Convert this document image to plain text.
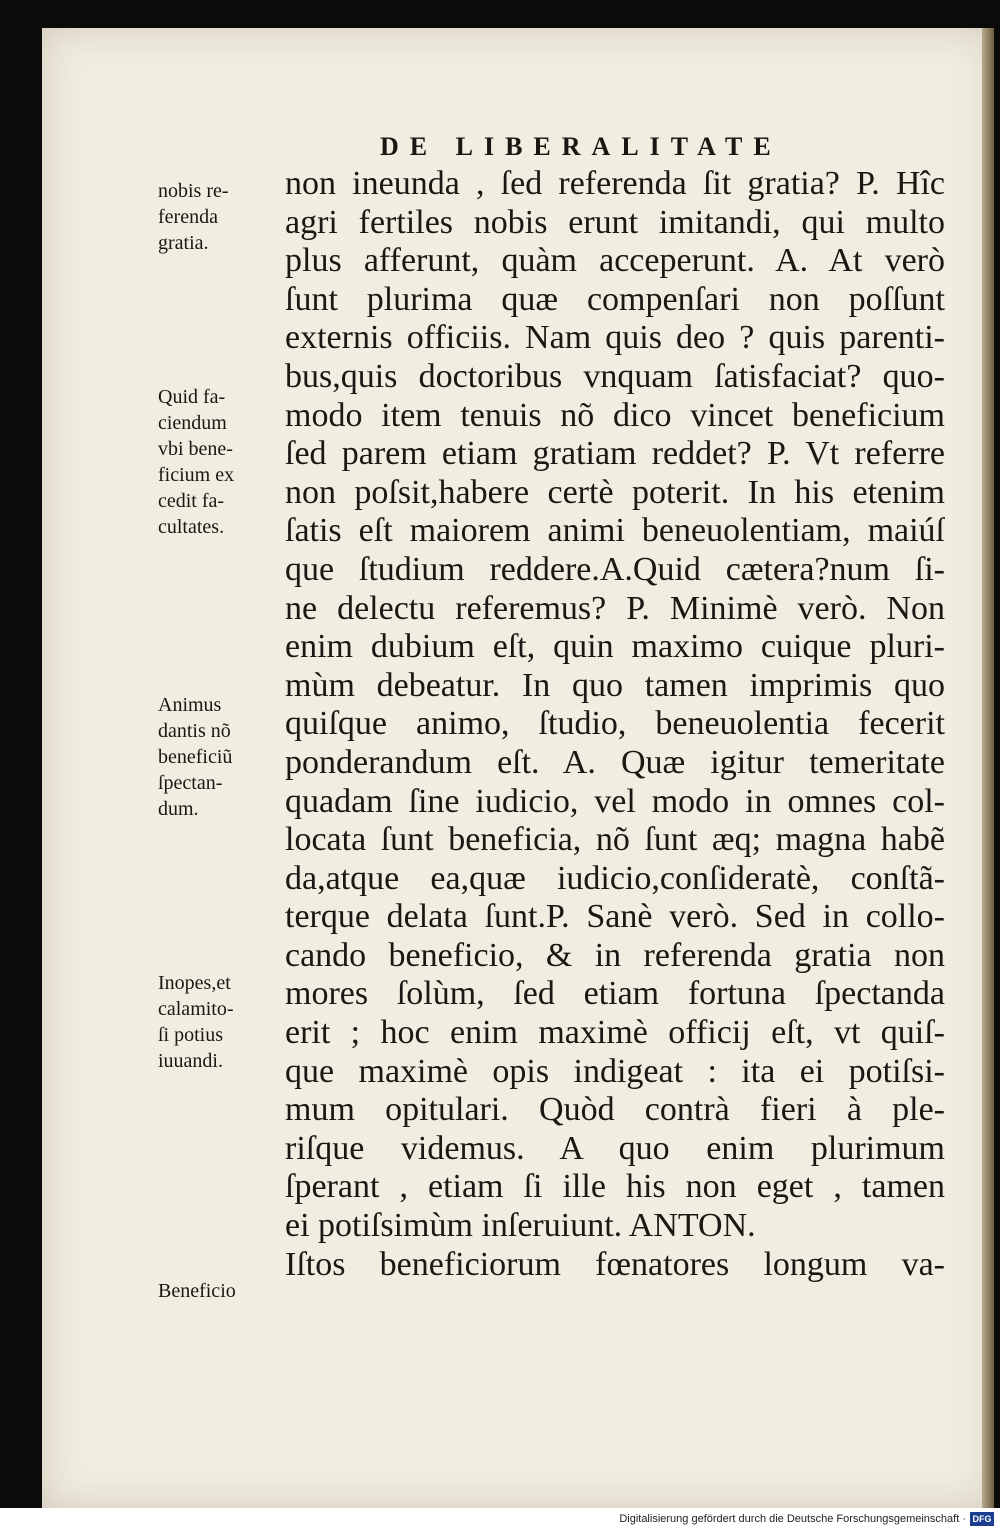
DE LIBERALITATE
non ineunda , ſed referenda ſit gratia? P. Hîc
agri fertiles nobis erunt imitandi, qui multo
plus afferunt, quàm acceperunt. A. At verò
ſunt plurima quæ compenſari non poſſunt
externis officiis. Nam quis deo ? quis parenti-
bus,quis doctoribus vnquam ſatisfaciat? quo-
modo item tenuis nõ dico vincet beneficium
ſed parem etiam gratiam reddet? P. Vt referre
non poſsit,habere certè poterit. In his etenim
ſatis eſt maiorem animi beneuolentiam, maiúſ
que ſtudium reddere.A.Quid cætera?num ſi-
ne delectu referemus? P. Minimè verò. Non
enim dubium eſt, quin maximo cuique pluri-
mùm debeatur. In quo tamen imprimis quo
quiſque animo, ſtudio, beneuolentia fecerit
ponderandum eſt. A. Quæ igitur temeritate
quadam ſine iudicio, vel modo in omnes col-
locata ſunt beneficia, nõ ſunt æq; magna habẽ
da,atque ea,quæ iudicio,conſideratè, conſtã-
terque delata ſunt.P. Sanè verò. Sed in collo-
cando beneficio, & in referenda gratia non
mores ſolùm, ſed etiam fortuna ſpectanda
erit ; hoc enim maximè officij eſt, vt quiſ-
que maximè opis indigeat : ita ei potiſsi-
mum opitulari. Quòd contrà fieri à ple-
riſque videmus. A quo enim plurimum
ſperant , etiam ſi ille his non eget , tamen
ei potiſsimùm inſeruiunt. ANTON.
Iſtos beneficiorum fœnatores longum va-
nobis re-
ferenda
gratia.
Quid fa-
ciendum
vbi bene-
ficium ex
cedit fa-
cultates.
Animus
dantis nõ
beneficiũ
ſpectan-
dum.
Inopes,et
calamito-
ſi potius
iuuandi.
Beneficio
Digitalisierung gefördert durch die Deutsche Forschungsgemeinschaft · DFG
